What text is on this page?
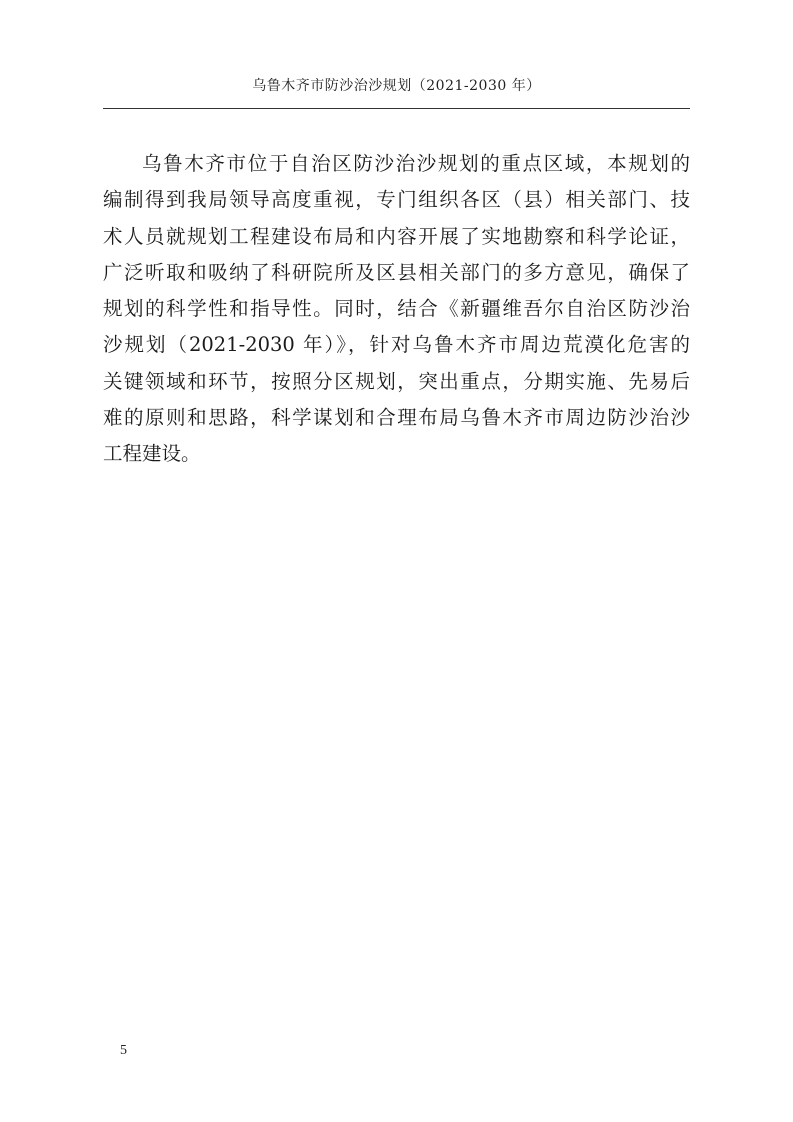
乌鲁木齐市防沙治沙规划（2021-2030 年）
乌鲁木齐市位于自治区防沙治沙规划的重点区域，本规划的
编制得到我局领导高度重视，专门组织各区（县）相关部门、技
术人员就规划工程建设布局和内容开展了实地勘察和科学论证，
广泛听取和吸纳了科研院所及区县相关部门的多方意见，确保了
规划的科学性和指导性。同时，结合《新疆维吾尔自治区防沙治
沙规划（2021-2030 年）》，针对乌鲁木齐市周边荒漠化危害的
关键领域和环节，按照分区规划，突出重点，分期实施、先易后
难的原则和思路，科学谋划和合理布局乌鲁木齐市周边防沙治沙
工程建设。
5
